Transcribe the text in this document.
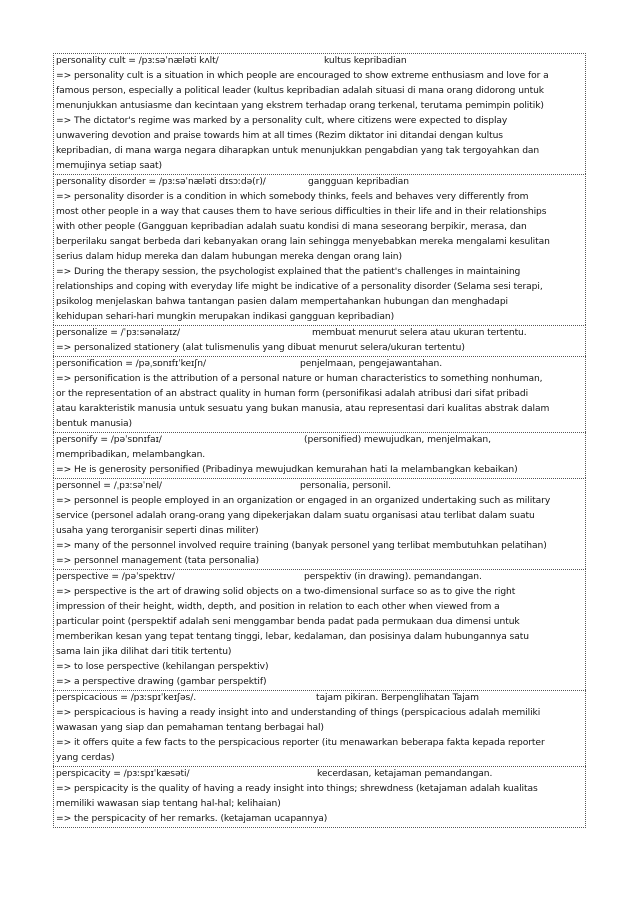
personality cult = /pɜːsəˈnæləti kʌlt/	kultus kepribadian
=> personality cult is a situation in which people are encouraged to show extreme enthusiasm and love for a
famous person, especially a political leader (kultus kepribadian adalah situasi di mana orang didorong untuk
menunjukkan antusiasme dan kecintaan yang ekstrem terhadap orang terkenal, terutama pemimpin politik)
=> The dictator's regime was marked by a personality cult, where citizens were expected to display
unwavering devotion and praise towards him at all times (Rezim diktator ini ditandai dengan kultus
kepribadian, di mana warga negara diharapkan untuk menunjukkan pengabdian yang tak tergoyahkan dan
memujinya setiap saat)
personality disorder = /pɜːsəˈnæləti dɪsɔːdə(r)/	gangguan kepribadian
=> personality disorder is a condition in which somebody thinks, feels and behaves very differently from
most other people in a way that causes them to have serious difficulties in their life and in their relationships
with other people (Gangguan kepribadian adalah suatu kondisi di mana seseorang berpikir, merasa, dan
berperilaku sangat berbeda dari kebanyakan orang lain sehingga menyebabkan mereka mengalami kesulitan
serius dalam hidup mereka dan dalam hubungan mereka dengan orang lain)
=> During the therapy session, the psychologist explained that the patient's challenges in maintaining
relationships and coping with everyday life might be indicative of a personality disorder (Selama sesi terapi,
psikolog menjelaskan bahwa tantangan pasien dalam mempertahankan hubungan dan menghadapi
kehidupan sehari-hari mungkin merupakan indikasi gangguan kepribadian)
personalize = /ˈpɜːsənəlaɪz/	membuat menurut selera atau ukuran tertentu.
=> personalized stationery (alat tulismenulis yang dibuat menurut selera/ukuran tertentu)
personification = /pəˌsɒnɪfɪˈkeɪʃn/	penjelmaan, pengejawantahan.
=> personification is the attribution of a personal nature or human characteristics to something nonhuman,
or the representation of an abstract quality in human form (personifikasi adalah atribusi dari sifat pribadi
atau karakteristik manusia untuk sesuatu yang bukan manusia, atau representasi dari kualitas abstrak dalam
bentuk manusia)
personify = /pəˈsɒnɪfaɪ/	(personified) mewujudkan, menjelmakan,
mempribadikan, melambangkan.
=> He is generosity personified (Pribadinya mewujudkan kemurahan hati Ia melambangkan kebaikan)
personnel = /ˌpɜːsəˈnel/	personalia, personil.
=> personnel is people employed in an organization or engaged in an organized undertaking such as military
service (personel adalah orang-orang yang dipekerjakan dalam suatu organisasi atau terlibat dalam suatu
usaha yang terorganisir seperti dinas militer)
=> many of the personnel involved require training (banyak personel yang terlibat membutuhkan pelatihan)
=> personnel management (tata personalia)
perspective = /pəˈspektɪv/	perspektiv (in drawing). pemandangan.
=> perspective is the art of drawing solid objects on a two-dimensional surface so as to give the right
impression of their height, width, depth, and position in relation to each other when viewed from a
particular point (perspektif adalah seni menggambar benda padat pada permukaan dua dimensi untuk
memberikan kesan yang tepat tentang tinggi, lebar, kedalaman, dan posisinya dalam hubungannya satu
sama lain jika dilihat dari titik tertentu)
=> to lose perspective (kehilangan perspektiv)
=> a perspective drawing (gambar perspektif)
perspicacious = /pɜːspɪˈkeɪʃəs/.	tajam pikiran. Berpenglihatan Tajam
=> perspicacious is having a ready insight into and understanding of things (perspicacious adalah memiliki
wawasan yang siap dan pemahaman tentang berbagai hal)
=> it offers quite a few facts to the perspicacious reporter (itu menawarkan beberapa fakta kepada reporter
yang cerdas)
perspicacity = /pɜːspɪˈkæsəti/	kecerdasan, ketajaman pemandangan.
=> perspicacity is the quality of having a ready insight into things; shrewdness (ketajaman adalah kualitas
memiliki wawasan siap tentang hal-hal; kelihaian)
=> the perspicacity of her remarks. (ketajaman ucapannya)
